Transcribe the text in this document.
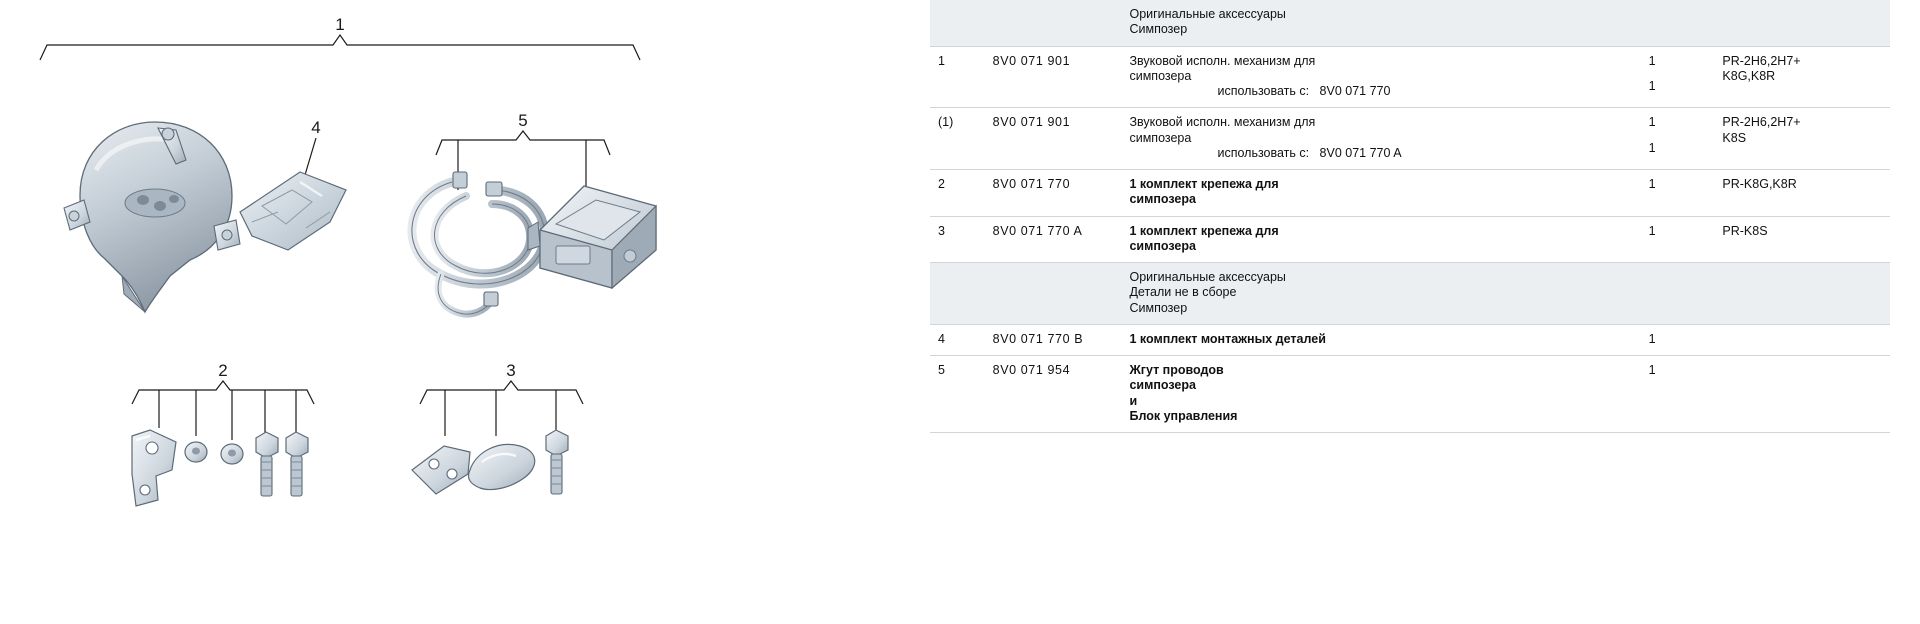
1
4	5
2	3

		Оригинальные аксессуары
Симпозер		

1	8V0 071 901	Звуковой исполн. механизм для
симпозера
использовать с: 8V0 071 770	1
1	PR-2H6,2H7+
K8G,K8R

(1)	8V0 071 901	Звуковой исполн. механизм для
симпозера
использовать с: 8V0 071 770 A	1
1	PR-2H6,2H7+
K8S

2	8V0 071 770	1 комплект крепежа для
симпозера	1	PR-K8G,K8R
3	8V0 071 770 A	1 комплект крепежа для
симпозера	1	PR-K8S

		Оригинальные аксессуары
Детали не в сборе
Симпозер		

4	8V0 071 770 B	1 комплект монтажных деталей	1	
5	8V0 071 954	Жгут проводов
симпозера
и
Блок управления	1	
